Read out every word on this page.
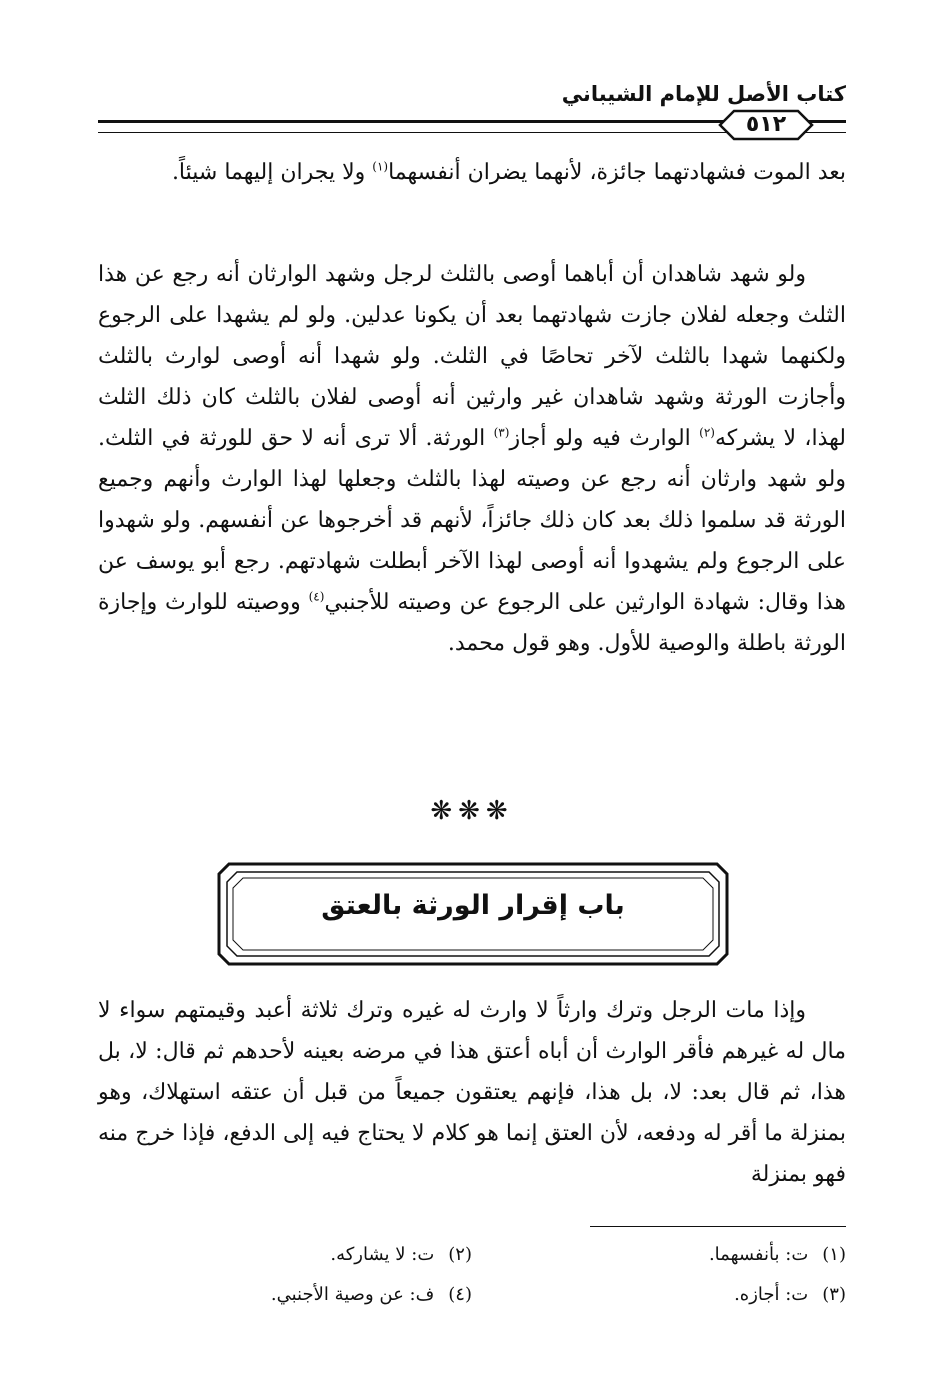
كتاب الأصل للإمام الشيباني
٥١٢

بعد الموت فشهادتهما جائزة، لأنهما يضران أنفسهما$^{(١)}$ ولا يجران إليهما شيئاً.

ولو شهد شاهدان أن أباهما أوصى بالثلث لرجل وشهد الوارثان أنه رجع عن هذا الثلث وجعله لفلان جازت شهادتهما بعد أن يكونا عدلين. ولو لم يشهدا على الرجوع ولكنهما شهدا بالثلث لآخر تحاصًا في الثلث. ولو شهدا أنه أوصى لوارث بالثلث وأجازت الورثة وشهد شاهدان غير وارثين أنه أوصى لفلان بالثلث كان ذلك الثلث لهذا، لا يشركه$^{(٢)}$ الوارث فيه ولو أجاز$^{(٣)}$ الورثة. ألا ترى أنه لا حق للورثة في الثلث. ولو شهد وارثان أنه رجع عن وصيته لهذا بالثلث وجعلها لهذا الوارث وأنهم وجميع الورثة قد سلموا ذلك بعد كان ذلك جائزاً، لأنهم قد أخرجوها عن أنفسهم. ولو شهدوا على الرجوع ولم يشهدوا أنه أوصى لهذا الآخر أبطلت شهادتهم. رجع أبو يوسف عن هذا وقال: شهادة الوارثين على الرجوع عن وصيته للأجنبي$^{(٤)}$ ووصيته للوارث وإجازة الورثة باطلة والوصية للأول. وهو قول محمد.

❋❋❋
باب إقرار الورثة بالعتق

وإذا مات الرجل وترك وارثاً لا وارث له غيره وترك ثلاثة أعبد وقيمتهم سواء لا مال له غيرهم فأقر الوارث أن أباه أعتق هذا في مرضه بعينه لأحدهم ثم قال: لا، بل هذا، ثم قال بعد: لا، بل هذا، فإنهم يعتقون جميعاً من قبل أن عتقه استهلاك، وهو بمنزلة ما أقر له ودفعه، لأن العتق إنما هو كلام لا يحتاج فيه إلى الدفع، فإذا خرج منه فهو بمنزلة

(١)ت: بأنفسهما.
(٢)ت: لا يشاركه.
(٣)ت: أجازه.
(٤)ف: عن وصية الأجنبي.
